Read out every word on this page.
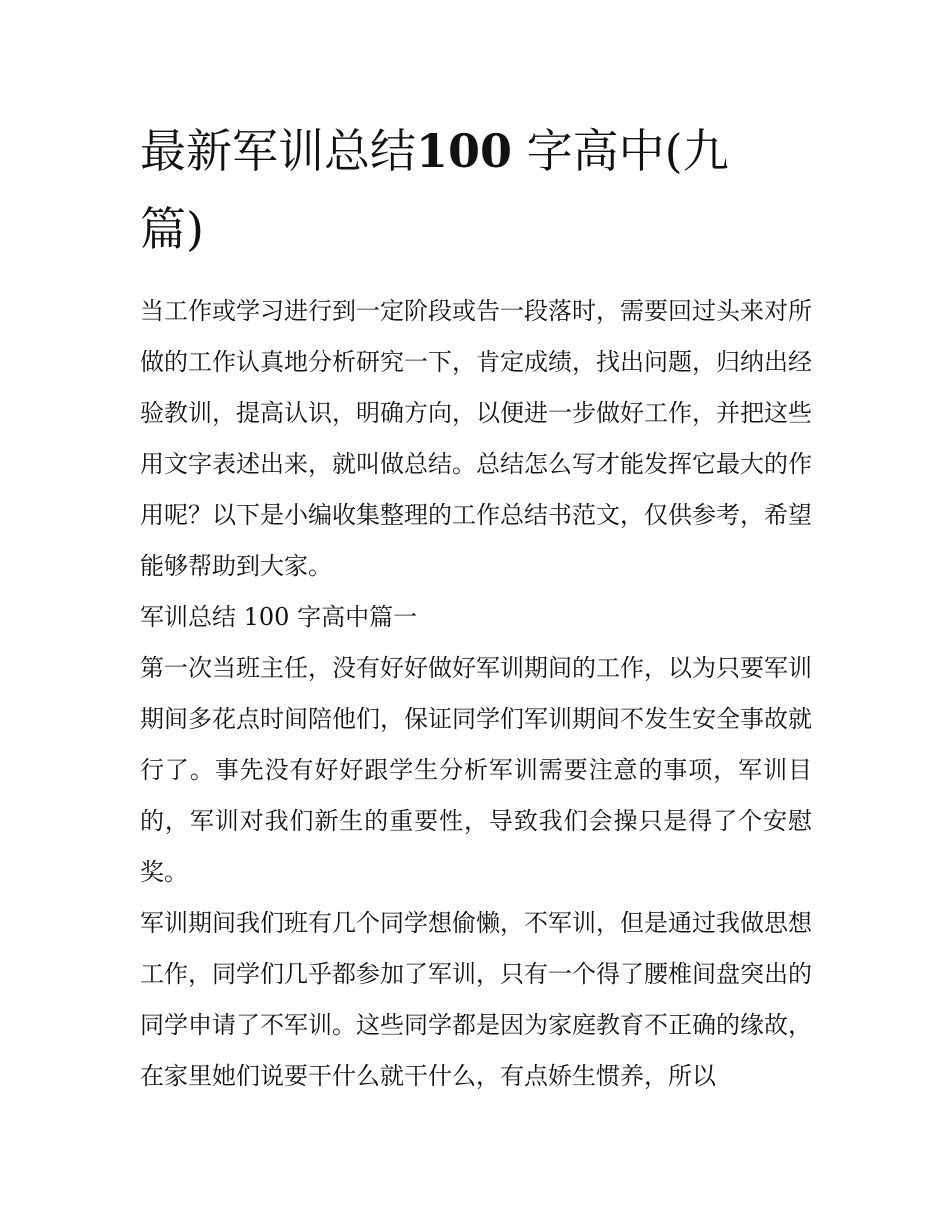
最新军训总结100 字高中(九篇)

当工作或学习进行到一定阶段或告一段落时，需要回过头来对所做的工作认真地分析研究一下，肯定成绩，找出问题，归纳出经验教训，提高认识，明确方向，以便进一步做好工作，并把这些用文字表述出来，就叫做总结。总结怎么写才能发挥它最大的作用呢？以下是小编收集整理的工作总结书范文，仅供参考，希望能够帮助到大家。

军训总结 100 字高中篇一

第一次当班主任，没有好好做好军训期间的工作，以为只要军训期间多花点时间陪他们，保证同学们军训期间不发生安全事故就行了。事先没有好好跟学生分析军训需要注意的事项，军训目的，军训对我们新生的重要性，导致我们会操只是得了个安慰奖。

军训期间我们班有几个同学想偷懒，不军训，但是通过我做思想工作，同学们几乎都参加了军训，只有一个得了腰椎间盘突出的同学申请了不军训。这些同学都是因为家庭教育不正确的缘故，在家里她们说要干什么就干什么，有点娇生惯养，所以
